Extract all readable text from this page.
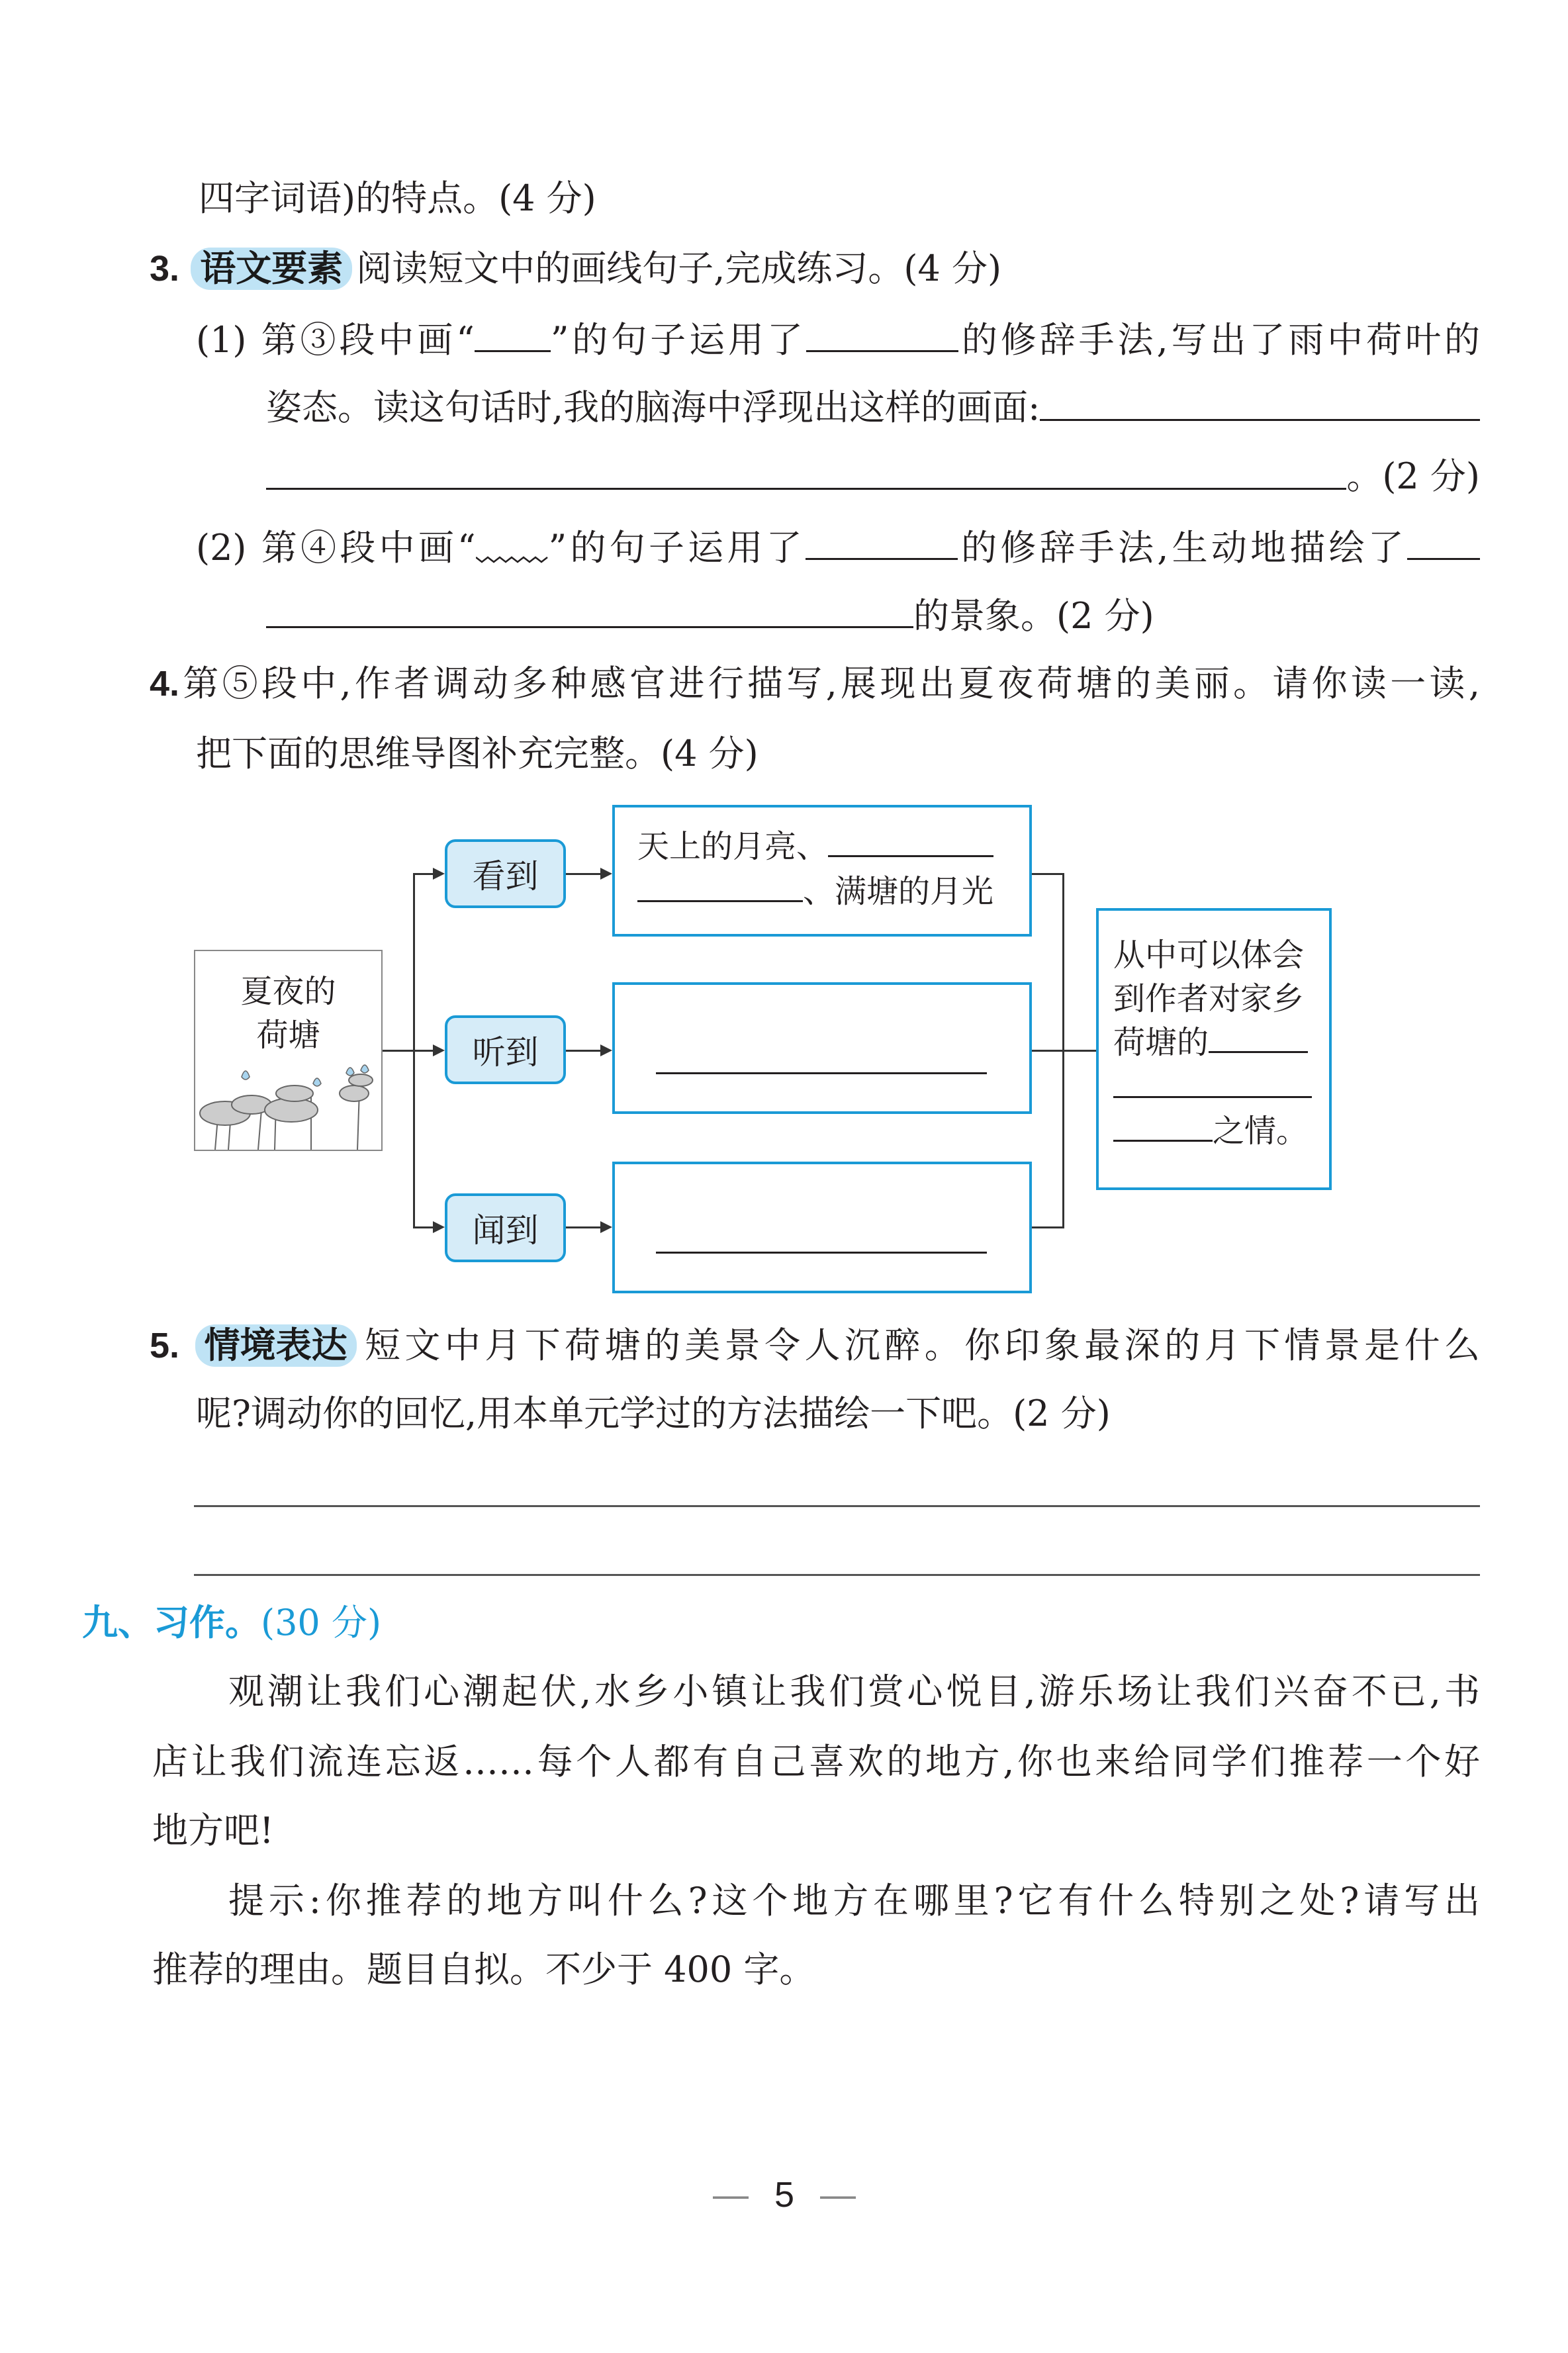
四字词语)的特点。(4 分)
3. 语文要素 阅读短文中的画线句子,完成练习。(4 分)
(1) 第③段中画“ ”的句子运用了	的修辞手法,写出了雨中荷叶的
姿态。读这句话时,我的脑海中浮现出这样的画面:
。(2 分)
(2) 第④段中画“ ”的句子运用了	的修辞手法,生动地描绘了
的景象。(2 分)
4.第⑤段中,作者调动多种感官进行描写,展现出夏夜荷塘的美丽。请你读一读,
把下面的思维导图补充完整。(4 分)
夏夜的
荷塘
看到
听到
闻到
天上的月亮、
、满塘的月光
从中可以体会
到作者对家乡
荷塘的
之情。
5. 情境表达 短文中月下荷塘的美景令人沉醉。你印象最深的月下情景是什么
呢?调动你的回忆,用本单元学过的方法描绘一下吧。(2 分)
九、习作。(30 分)
观潮让我们心潮起伏,水乡小镇让我们赏心悦目,游乐场让我们兴奋不已,书
店让我们流连忘返……每个人都有自己喜欢的地方,你也来给同学们推荐一个好
地方吧!
提示:你推荐的地方叫什么?这个地方在哪里?它有什么特别之处?请写出
推荐的理由。题目自拟。不少于 400 字。
— 5 —
